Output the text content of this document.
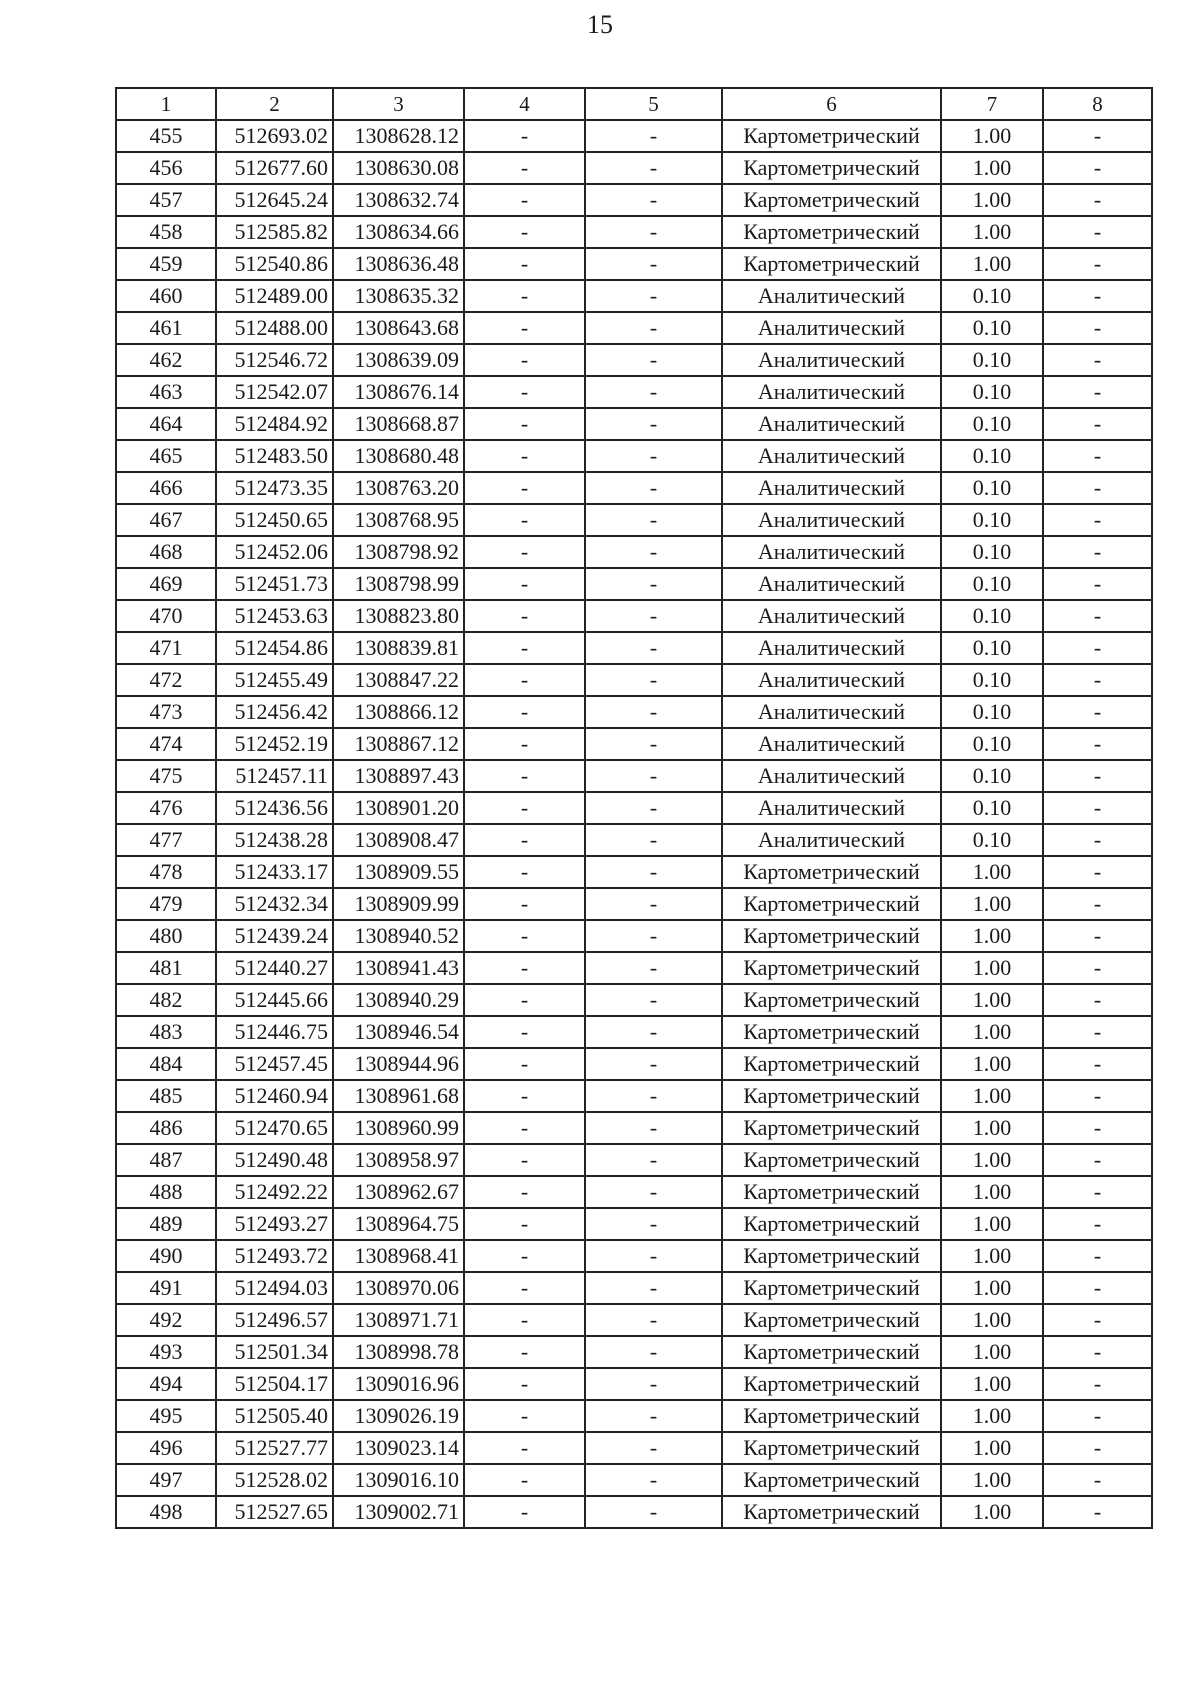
15
1	2	3	4	5	6	7	8
455	512693.02	1308628.12	-	-	Картометрический	1.00	-
456	512677.60	1308630.08	-	-	Картометрический	1.00	-
457	512645.24	1308632.74	-	-	Картометрический	1.00	-
458	512585.82	1308634.66	-	-	Картометрический	1.00	-
459	512540.86	1308636.48	-	-	Картометрический	1.00	-
460	512489.00	1308635.32	-	-	Аналитический	0.10	-
461	512488.00	1308643.68	-	-	Аналитический	0.10	-
462	512546.72	1308639.09	-	-	Аналитический	0.10	-
463	512542.07	1308676.14	-	-	Аналитический	0.10	-
464	512484.92	1308668.87	-	-	Аналитический	0.10	-
465	512483.50	1308680.48	-	-	Аналитический	0.10	-
466	512473.35	1308763.20	-	-	Аналитический	0.10	-
467	512450.65	1308768.95	-	-	Аналитический	0.10	-
468	512452.06	1308798.92	-	-	Аналитический	0.10	-
469	512451.73	1308798.99	-	-	Аналитический	0.10	-
470	512453.63	1308823.80	-	-	Аналитический	0.10	-
471	512454.86	1308839.81	-	-	Аналитический	0.10	-
472	512455.49	1308847.22	-	-	Аналитический	0.10	-
473	512456.42	1308866.12	-	-	Аналитический	0.10	-
474	512452.19	1308867.12	-	-	Аналитический	0.10	-
475	512457.11	1308897.43	-	-	Аналитический	0.10	-
476	512436.56	1308901.20	-	-	Аналитический	0.10	-
477	512438.28	1308908.47	-	-	Аналитический	0.10	-
478	512433.17	1308909.55	-	-	Картометрический	1.00	-
479	512432.34	1308909.99	-	-	Картометрический	1.00	-
480	512439.24	1308940.52	-	-	Картометрический	1.00	-
481	512440.27	1308941.43	-	-	Картометрический	1.00	-
482	512445.66	1308940.29	-	-	Картометрический	1.00	-
483	512446.75	1308946.54	-	-	Картометрический	1.00	-
484	512457.45	1308944.96	-	-	Картометрический	1.00	-
485	512460.94	1308961.68	-	-	Картометрический	1.00	-
486	512470.65	1308960.99	-	-	Картометрический	1.00	-
487	512490.48	1308958.97	-	-	Картометрический	1.00	-
488	512492.22	1308962.67	-	-	Картометрический	1.00	-
489	512493.27	1308964.75	-	-	Картометрический	1.00	-
490	512493.72	1308968.41	-	-	Картометрический	1.00	-
491	512494.03	1308970.06	-	-	Картометрический	1.00	-
492	512496.57	1308971.71	-	-	Картометрический	1.00	-
493	512501.34	1308998.78	-	-	Картометрический	1.00	-
494	512504.17	1309016.96	-	-	Картометрический	1.00	-
495	512505.40	1309026.19	-	-	Картометрический	1.00	-
496	512527.77	1309023.14	-	-	Картометрический	1.00	-
497	512528.02	1309016.10	-	-	Картометрический	1.00	-
498	512527.65	1309002.71	-	-	Картометрический	1.00	-
